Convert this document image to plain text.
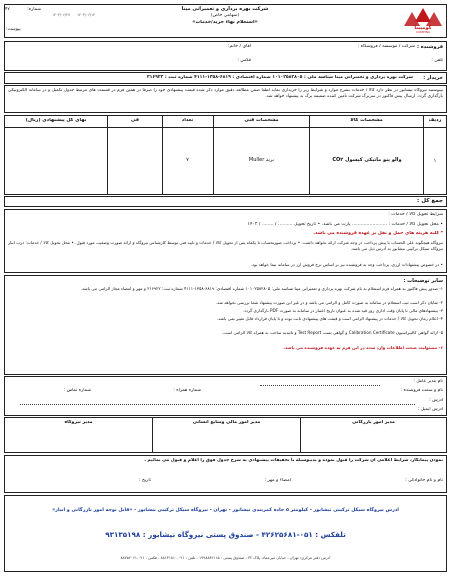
کومپینا
COMPINA
شرکت بهره برداری و تعمیراتی مپنا
(سهامی خاص)
«استعلام بهاء خرید/خدمات»
شماره:
۴۷
۱۴۰۳/۰۶/۱۳
۱۴۰۳/۰۶/۲۷
پیوست:
فروشنده :
شرکت / موسسه / فروشگاه :
آقای / خانم:
تلفن :
فکس :
خریدار :
شرکت بهره برداری و تعمیراتی مپنا شناسه ملی : ۱۰۱۰۲۵۸۲۸۰۵ شماره اقتصادی : ۶۸۱۹-۱۳۵۸-۴۱۱۱ شماره ثبت : ۲۱۶۹۲۲
بپیوستبه نیروگاه نیشابور در نظر دارد کالا / خدمات بشرح موارد و شرایط زیر را خریداری نماید لطفا ضمن مطالعه دقیق موارد ذکر شده قیمت پیشنهادی خود را صرفا در همین فرم در قسمت های مرتبط جدول تکمیل و در سامانه الکترونیکی بارگذاری گردد. ارسال پیش فاکتور در سربرگ شرکت تامین کننده ضمیمه برگ به پیشنهاد خواهد شد.
ردیف
مشخصات کالا
مشخصات فنی
تعداد
فی
بهای کل پیشنهادی (ریال)
۱
والو پنو ماتیکی کپسول CO۲
برند Muller
۷
جمع کل :
شرایط تحویل کالا / خدمات :
• محل تحویل کالا / خدمات : ........................ پارت می باشد. • تاریخ تحویل .......... / ........ / ۱۴۰۲
* کلیه هزینه های حمل و نقل بر عهده فروشنده می باشد.
نیروگاه هیچگونه علی الحساب یا پیش پرداخت در وجه شرکت ارائه نخواهد داشت. • پرداخت صورتحساب تا یکماه پس از تحویل کالا / خدمات و تایید فنی توسط کارشناس نیروگاه و ارائه صورت وضعیت مورد قبول. • محل تحویل کالا / خدمات: درب انبار نیروگاه سیکل ترکیبی نیشابور به آدرس ذیل می باشد.
• در خصوص پیشنهادات ارزی، پرداخت وجه به فروشنده نیز بر اساس نرخ فروش ارز در سامانه نیما خواهد بود.
سایر توضیحات :
۱- صدور پیش فاکتور به همراه فرم استعلام به نام شرکت بهره برداری و تعمیراتی مپنا شناسه ملی: ۱۰۱۰۲۵۸۲۸۰۵ شماره اقتصادی: ۶۸۱۹-۱۳۵۸-۴۱۱۱ شماره ثبت: ۲۱۶۹۲۲ و مهر و امضاء مجاز الزامی می باشد.
۲- شایان ذکر است ثبت استعلام در سامانه به صورت کامل و الزامی می باشد و در غیر این صورت پیشنهاد شما بررسی نخواهد شد.
۳- پیشنهادهای مالی تا پایان وقت اداری روز قید شده به عنوان تاریخ اعتبار در سامانه به صورت PDF بارگذاری گردد.
۴- اعلام زمان تحویل کالا / خدمات در پیشنهاد الزامی است و قیمت های پیشنهادی ثابت بوده و تا پایان قرارداد قابل تغییر نمی باشد.
۵- ارائه گواهی کالیبراسیون Calibration Certificate و گواهی تست Test Report و تائیدیه ساخت به همراه کالا الزامی است.
۶- مسئولیت صحت اطلاعات وارد شده در این فرم به عهده فروشنده می باشد.
نام مدیر عامل :
نام و سمت فروشنده :
شماره همراه :
شماره تماس :
آدرس :
آدرس ایمیل :
مدیر امور بازرگانی
مدیر امور مالی ومنابع انسانی
مدیر نیروگاه
نمودن پیمانکار، شرایط اعلامی آن شرکت را قبول نموده و بدینوسیله با تحقیقات پیشنهادی به شرح جدول فوق را اعلام و قبول می نمائیم .
نام و نام خانوادگی :
امضاء و مهر :
تاریخ :
آدرس نیروگاه سیکل ترکیبی نیشابور - کیلومتر ۵ جاده کمربندی نیشابور - تهران - نیروگاه سیکل ترکیبی نیشابور - «قابل توجه امور بازرگانی و انبار»
تلفکس : ۰۵۱-۴۲۶۲۵۶۸۱ - صندوق پستی نیروگاه نیشابور : ۹۳۱۳۵۱۹۸
آدرس دفتر مرکزی: تهران - خیابان میرعماد، پلاک ۳۲ - صندوق پستی : ۱۹۹۸۸۸۲۱۱۵ - تلفن : ۰۲۱-۸۸۱۳۱۸۱۰ - فکس : ۰۲۱-۸۸۷۵۶۰۶۱
